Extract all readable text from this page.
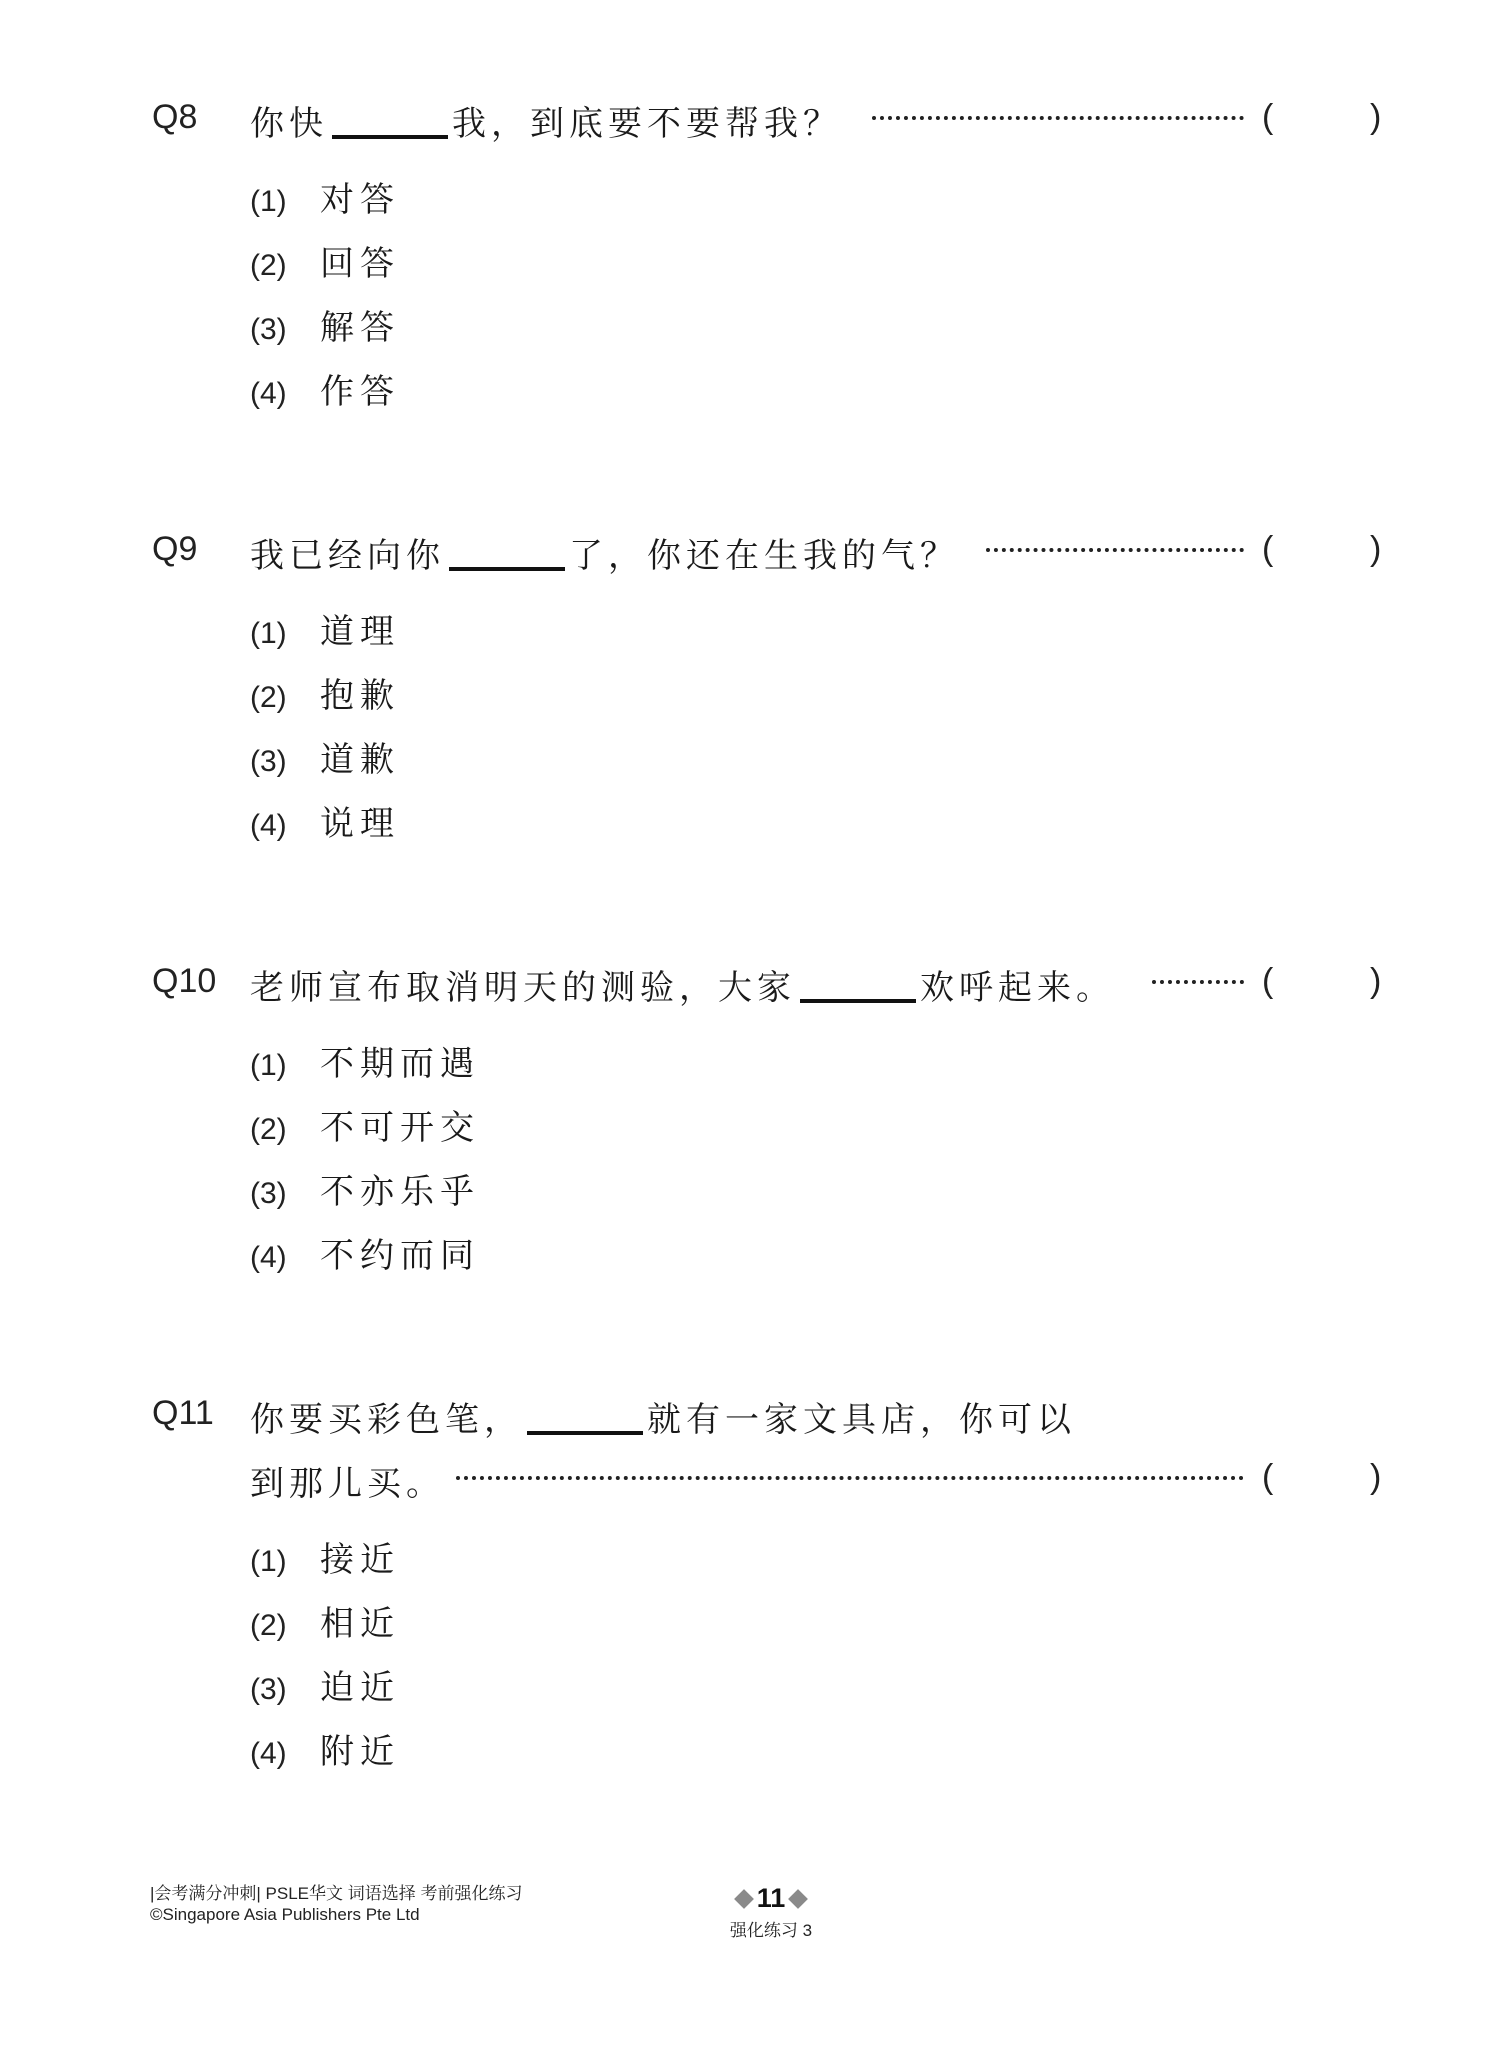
Q8 你快	我，到底要不要帮我？	(	)
(1) 对答
(2) 回答
(3) 解答
(4) 作答
Q9 我已经向你	了，你还在生我的气？	(	)
(1) 道理
(2) 抱歉
(3) 道歉
(4) 说理
Q10 老师宣布取消明天的测验，大家	欢呼起来。	(	)
(1) 不期而遇
(2) 不可开交
(3) 不亦乐乎
(4) 不约而同
Q11 你要买彩色笔，	就有一家文具店，你可以
到那儿买。	(	)
(1) 接近
(2) 相近
(3) 迫近
(4) 附近
|会考满分冲刺| PSLE华文 词语选择 考前强化练习
©Singapore Asia Publishers Pte Ltd
11
强化练习 3
